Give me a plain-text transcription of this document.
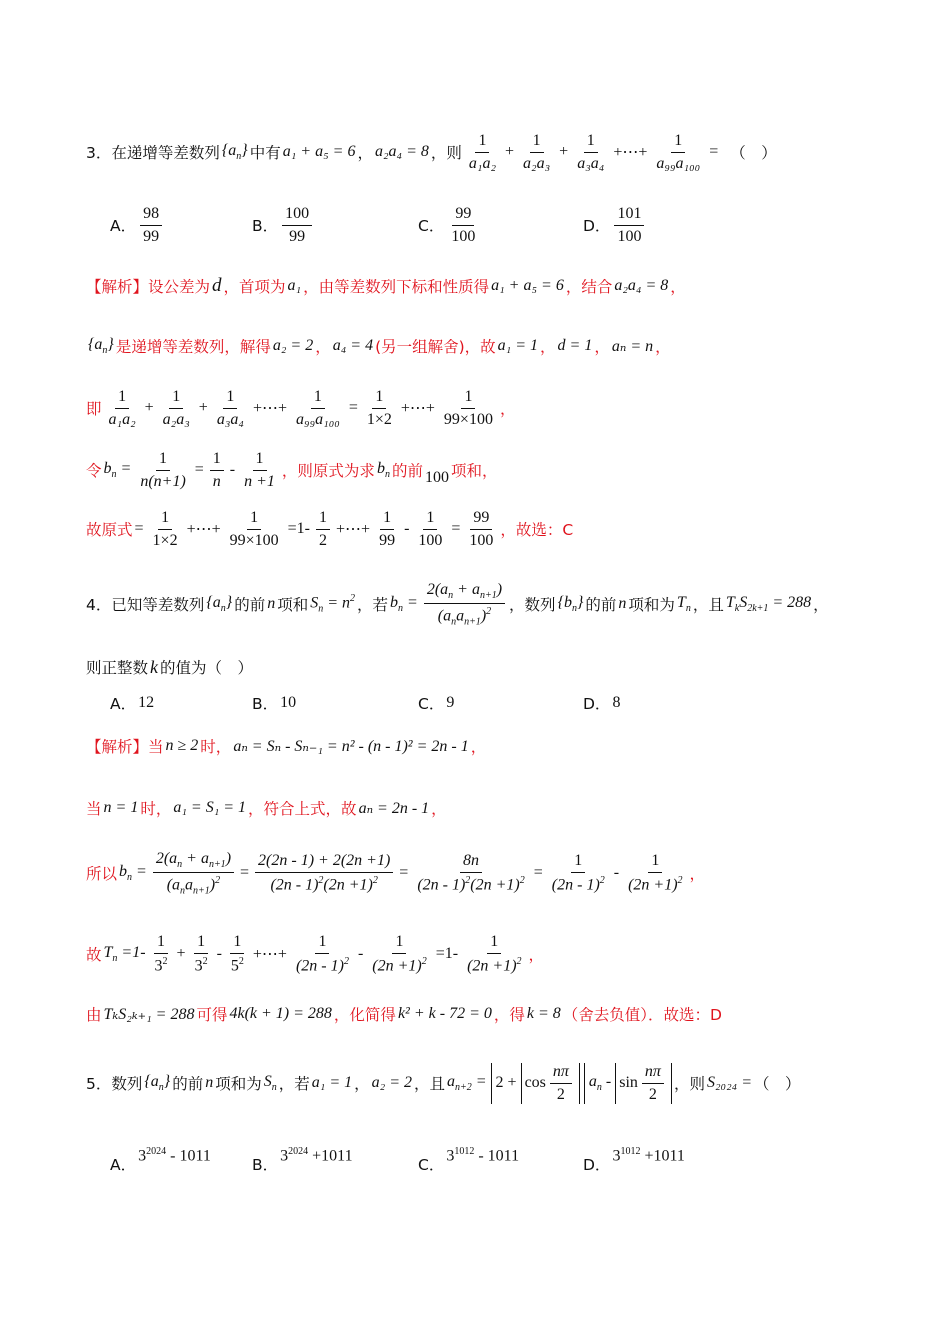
3． 在递增等差数列 $\{a_n\}$ 中有 a₁ + a₅ = 6 ， a₂a₄ = 8 ，则 $\frac{1}{\text{a₁a₂}} + \frac{1}{\text{a₂a₃}} + \frac{1}{\text{a₃a₄}}$ +⋯+ $\frac{1}{\text{a₉₉a₁₀₀}}$ = （　）
A． $\frac{98}{99}$	B． $\frac{100}{99}$	C． $\frac{99}{100}$	D． $\frac{101}{100}$
【解析】设公差为 d ，首项为 a₁ ，由等差数列下标和性质得 a₁ + a₅ = 6 ，结合 a₂a₄ = 8 ，
$\{a_n\}$ 是递增等差数列，解得 a₂ = 2 ， a₄ = 4 (另一组解舍)，故 a₁ = 1 ， d = 1 ， aₙ = n ，
即 $\frac{1}{\text{a₁a₂}} + \frac{1}{\text{a₂a₃}} + \frac{1}{\text{a₃a₄}}$ +⋯+ $\frac{1}{\text{a₉₉a₁₀₀}} = \frac{1}{1\times 2}$ +⋯+ $\frac{1}{99\times 100}$ ，
令 $b_n = \frac{1}{n(n+1)} = \frac{1}{n} - \frac{1}{n +1}$ ，则原式为求 $b_n$ 的前 100 项和，
故原式 = $\frac{1}{1\times 2}$ +⋯+ $\frac{1}{99\times 100} =1- \frac{1}{2}$ +⋯+ $\frac{1}{99} - \frac{1}{100} = \frac{99}{100}$ ，故选：C
4． 已知等差数列 $\{a_n\}$ 的前 n 项和 $S_n = n^2$ ，若 $b_n = \frac{2(a_n + a_{n+1})}{(a_na_{n+1})^2}$ ，数列 $\{b_n\}$ 的前 n 项和为 $T_n$ ，且 $T_kS_{2k+1} = 288$ ，
则正整数 k 的值为（　）
A． 12	B． 10	C． 9	D． 8
【解析】当 n ≥ 2 时， aₙ = Sₙ - Sₙ₋₁ = n² - (n - 1)² = 2n - 1 ，
当 n = 1 时， a₁ = S₁ = 1 ，符合上式，故 aₙ = 2n - 1 ，
所以 $b_n = \frac{2(a_n + a_{n+1})}{(a_na_{n+1})^2} = \frac{2(2n - 1) + 2(2n +1)}{(2n - 1)^2(2n +1)^2} = \frac{8n}{(2n - 1)^2(2n +1)^2} = \frac{1}{(2n - 1)^2} - \frac{1}{(2n +1)^2}$ ，
故 $T_n =1- \frac{1}{3^2} + \frac{1}{3^2} - \frac{1}{5^2}$ +⋯+ $\frac{1}{(2n - 1)^2} - \frac{1}{(2n +1)^2} =1- \frac{1}{(2n +1)^2}$ ，
由 TₖS₂ₖ₊₁ = 288 可得 4k(k + 1) = 288 ，化简得 k² + k - 72 = 0 ，得 k = 8 （舍去负值）．故选：D
5． 数列 $\{a_n\}$ 的前 n 项和为 $S_n$ ，若 a₁ = 1 ， a₂ = 2 ，且 $a_{n+2} = 2 + \cos \frac{n\pi}{2} a_n - \sin \frac{n\pi}{2}$ ，则 S₂₀₂₄ = （　）
A． $3^{2024} - 1011$	B． $3^{2024} +1011$	C． $3^{1012} - 1011$	D． $3^{1012} +1011$
